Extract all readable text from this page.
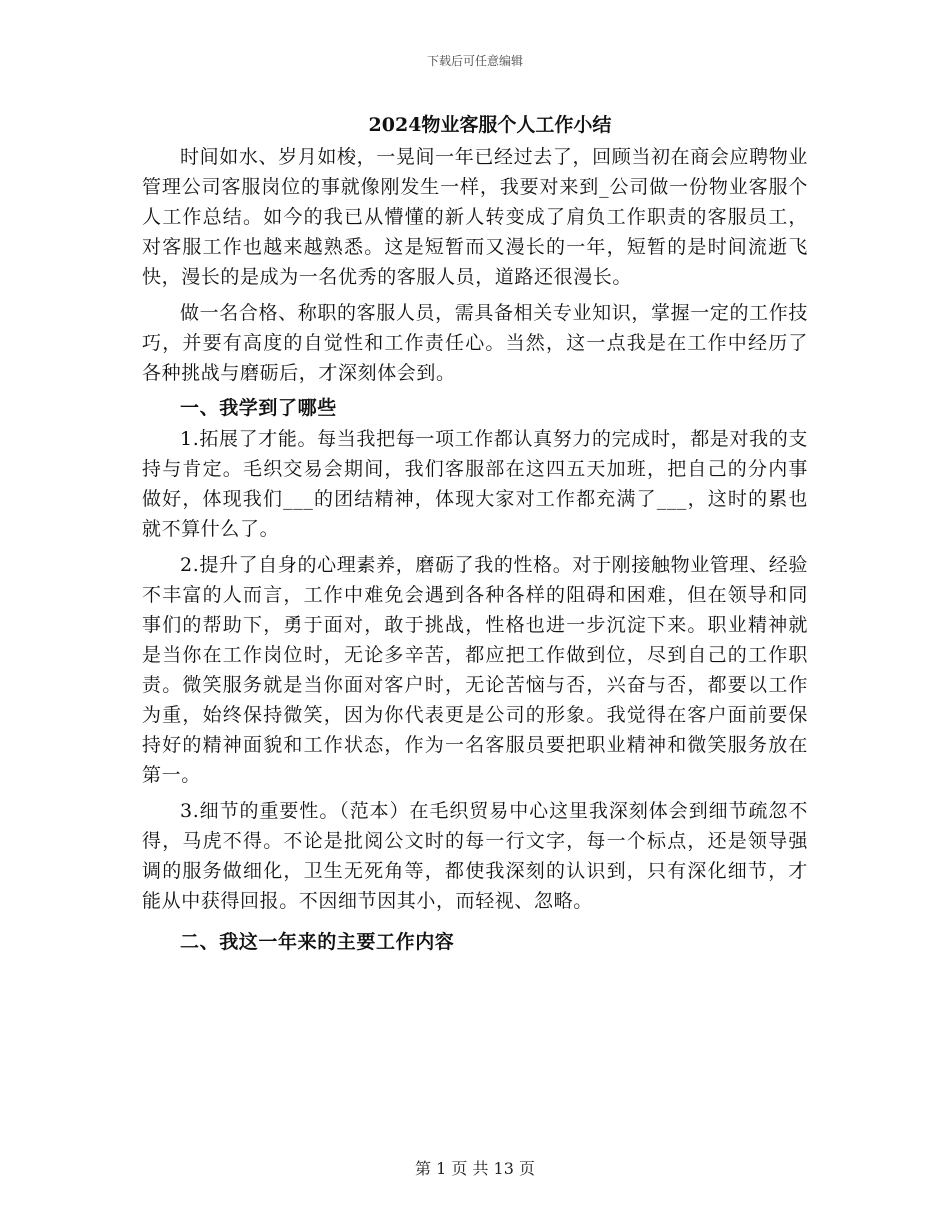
下载后可任意编辑
2024物业客服个人工作小结

时间如水、岁月如梭，一晃间一年已经过去了，回顾当初在商会应聘物业管理公司客服岗位的事就像刚发生一样，我要对来到_公司做一份物业客服个人工作总结。如今的我已从懵懂的新人转变成了肩负工作职责的客服员工，对客服工作也越来越熟悉。这是短暂而又漫长的一年，短暂的是时间流逝飞快，漫长的是成为一名优秀的客服人员，道路还很漫长。

做一名合格、称职的客服人员，需具备相关专业知识，掌握一定的工作技巧，并要有高度的自觉性和工作责任心。当然，这一点我是在工作中经历了各种挑战与磨砺后，才深刻体会到。

一、我学到了哪些

1.拓展了才能。每当我把每一项工作都认真努力的完成时，都是对我的支持与肯定。毛织交易会期间，我们客服部在这四五天加班，把自己的分内事做好，体现我们___的团结精神，体现大家对工作都充满了___，这时的累也就不算什么了。

2.提升了自身的心理素养，磨砺了我的性格。对于刚接触物业管理、经验不丰富的人而言，工作中难免会遇到各种各样的阻碍和困难，但在领导和同事们的帮助下，勇于面对，敢于挑战，性格也进一步沉淀下来。职业精神就是当你在工作岗位时，无论多辛苦，都应把工作做到位，尽到自己的工作职责。微笑服务就是当你面对客户时，无论苦恼与否，兴奋与否，都要以工作为重，始终保持微笑，因为你代表更是公司的形象。我觉得在客户面前要保持好的精神面貌和工作状态，作为一名客服员要把职业精神和微笑服务放在第一。

3.细节的重要性。（范本）在毛织贸易中心这里我深刻体会到细节疏忽不得，马虎不得。不论是批阅公文时的每一行文字，每一个标点，还是领导强调的服务做细化，卫生无死角等，都使我深刻的认识到，只有深化细节，才能从中获得回报。不因细节因其小，而轻视、忽略。

二、我这一年来的主要工作内容
第 1 页 共 13 页
